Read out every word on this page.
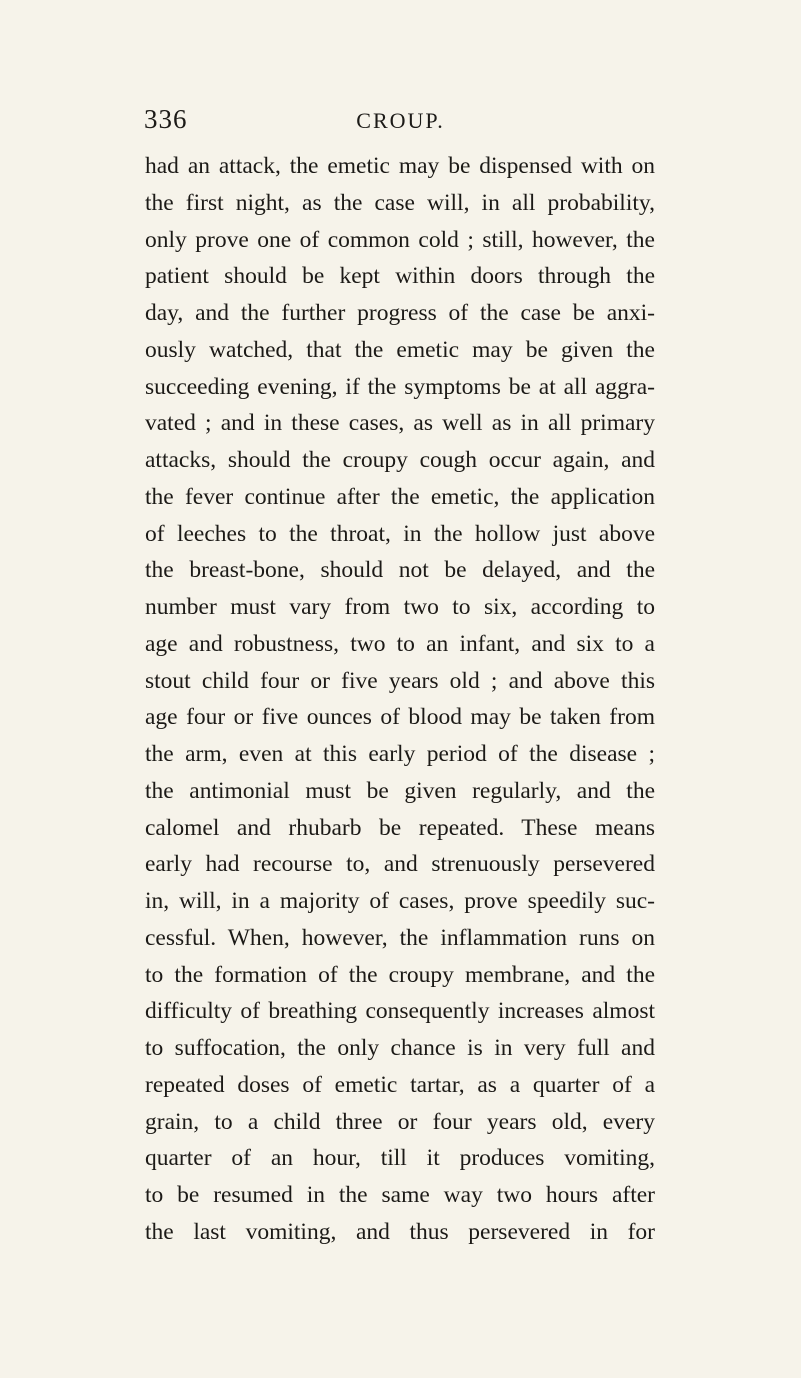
336	CROUP.
had an attack, the emetic may be dispensed with on
the first night, as the case will, in all probability,
only prove one of common cold ; still, however, the
patient should be kept within doors through the
day, and the further progress of the case be anxi-
ously watched, that the emetic may be given the
succeeding evening, if the symptoms be at all aggra-
vated ; and in these cases, as well as in all primary
attacks, should the croupy cough occur again, and
the fever continue after the emetic, the application
of leeches to the throat, in the hollow just above
the breast-bone, should not be delayed, and the
number must vary from two to six, according to
age and robustness, two to an infant, and six to a
stout child four or five years old ; and above this
age four or five ounces of blood may be taken from
the arm, even at this early period of the disease ;
the antimonial must be given regularly, and the
calomel and rhubarb be repeated. These means
early had recourse to, and strenuously persevered
in, will, in a majority of cases, prove speedily suc-
cessful. When, however, the inflammation runs on
to the formation of the croupy membrane, and the
difficulty of breathing consequently increases almost
to suffocation, the only chance is in very full and
repeated doses of emetic tartar, as a quarter of a
grain, to a child three or four years old, every
quarter of an hour, till it produces vomiting,
to be resumed in the same way two hours after
the last vomiting, and thus persevered in for
